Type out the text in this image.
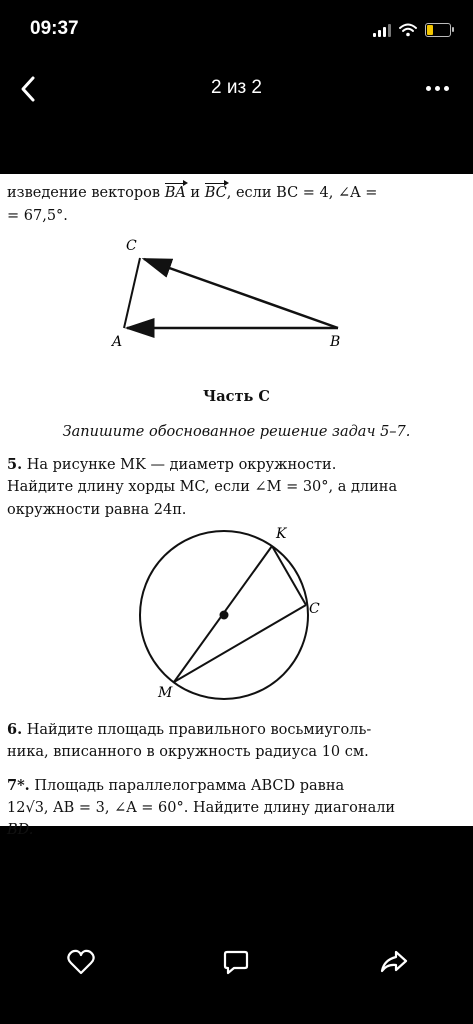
09:37
2 из 2
изведение векторов BA и BC, если BC = 4, ∠A =
= 67,5°.
C
A	B
Часть С
Запишите обоснованное решение задач 5–7.
5. На рисунке MK — диаметр окружности.
Найдите длину хорды MC, если ∠M = 30°, а длина
окружности равна 24π.
K
C
M
6. Найдите площадь правильного восьмиуголь-
ника, вписанного в окружность радиуса 10 см.
7*. Площадь параллелограмма ABCD равна
12√3, AB = 3, ∠A = 60°. Найдите длину диагонали
BD.
